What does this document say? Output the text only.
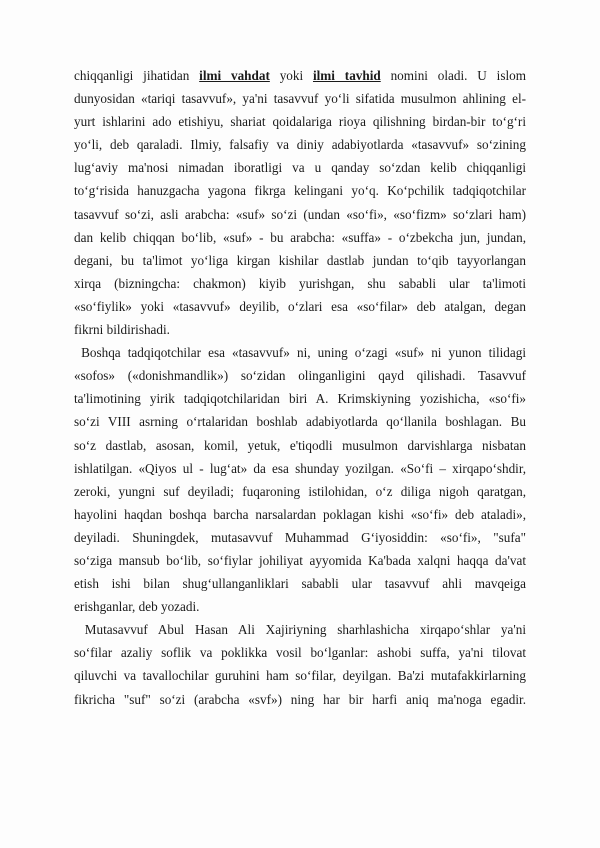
chiqqanligi jihatidan ilmi vahdat yoki ilmi tavhid nomini oladi. U islom
dunyosidan «tariqi tasavvuf», ya'ni tasavvuf yo‘li sifatida musulmon ahlining el-
yurt ishlarini ado etishiyu, shariat qoidalariga rioya qilishning birdan-bir to‘g‘ri
yo‘li, deb qaraladi. Ilmiy, falsafiy va diniy adabiyotlarda «tasavvuf» so‘zining
lug‘aviy ma'nosi nimadan iboratligi va u qanday so‘zdan kelib chiqqanligi
to‘g‘risida hanuzgacha yagona fikrga kelingani yo‘q. Ko‘pchilik tadqiqotchilar
tasavvuf so‘zi, asli arabcha: «suf» so‘zi (undan «so‘fi», «so‘fizm» so‘zlari ham)
dan kelib chiqqan bo‘lib, «suf» - bu arabcha: «suffa» - o‘zbekcha jun, jundan,
degani, bu ta'limot yo‘liga kirgan kishilar dastlab jundan to‘qib tayyorlangan
xirqa (bizningcha: chakmon) kiyib yurishgan, shu sababli ular ta'limoti
«so‘fiylik» yoki «tasavvuf» deyilib, o‘zlari esa «so‘filar» deb atalgan, degan
fikrni bildirishadi.
Boshqa tadqiqotchilar esa «tasavvuf» ni, uning o‘zagi «suf» ni yunon tilidagi
«sofos» («donishmandlik») so‘zidan olinganligini qayd qilishadi. Tasavvuf
ta'limotining yirik tadqiqotchilaridan biri A. Krimskiyning yozishicha, «so‘fi»
so‘zi VIII asrning o‘rtalaridan boshlab adabiyotlarda qo‘llanila boshlagan. Bu
so‘z dastlab, asosan, komil, yetuk, e'tiqodli musulmon darvishlarga nisbatan
ishlatilgan. «Qiyos ul - lug‘at» da esa shunday yozilgan. «So‘fi – xirqapo‘shdir,
zeroki, yungni suf deyiladi; fuqaroning istilohidan, o‘z diliga nigoh qaratgan,
hayolini haqdan boshqa barcha narsalardan poklagan kishi «so‘fi» deb ataladi»,
deyiladi. Shuningdek, mutasavvuf Muhammad G‘iyosiddin: «so‘fi», "sufa"
so‘ziga mansub bo‘lib, so‘fiylar johiliyat ayyomida Ka'bada xalqni haqqa da'vat
etish ishi bilan shug‘ullanganliklari sababli ular tasavvuf ahli mavqeiga
erishganlar, deb yozadi.
Mutasavvuf Abul Hasan Ali Xajiriyning sharhlashicha xirqapo‘shlar ya'ni
so‘filar azaliy soflik va poklikka vosil bo‘lganlar: ashobi suffa, ya'ni tilovat
qiluvchi va tavallochilar guruhini ham so‘filar, deyilgan. Ba'zi mutafakkirlarning
fikricha "suf" so‘zi (arabcha «svf») ning har bir harfi aniq ma'noga egadir.
